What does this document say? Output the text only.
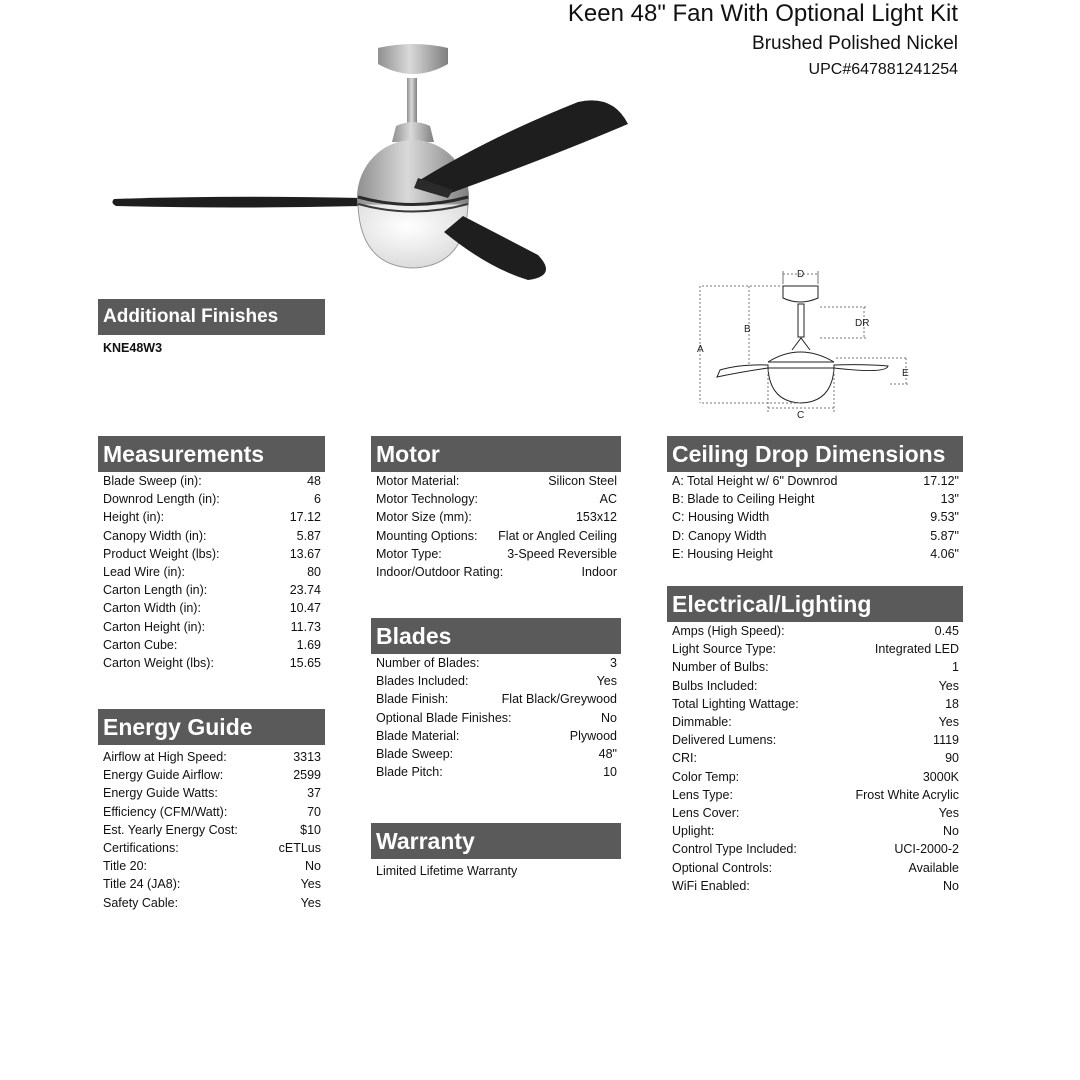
Keen 48" Fan With Optional Light Kit
Brushed Polished Nickel
UPC#647881241254
D
B
A
DR
E
C
Additional Finishes
KNE48W3
Measurements
Blade Sweep (in):	48
Downrod Length (in):	6
Height (in):	17.12
Canopy Width (in):	5.87
Product Weight (lbs):	13.67
Lead Wire (in):	80
Carton Length (in):	23.74
Carton Width (in):	10.47
Carton Height (in):	11.73
Carton Cube:	1.69
Carton Weight (lbs):	15.65
Energy Guide
Airflow at High Speed:	3313
Energy Guide Airflow:	2599
Energy Guide Watts:	37
Efficiency (CFM/Watt):	70
Est. Yearly Energy Cost:	$10
Certifications:	cETLus
Title 20:	No
Title 24 (JA8):	Yes
Safety Cable:	Yes
Motor
Motor Material:	Silicon Steel
Motor Technology:	AC
Motor Size (mm):	153x12
Mounting Options: Flat or Angled Ceiling
Motor Type:	3-Speed Reversible
Indoor/Outdoor Rating:	Indoor
Blades
Number of Blades:	3
Blades Included:	Yes
Blade Finish:	Flat Black/Greywood
Optional Blade Finishes:	No
Blade Material:	Plywood
Blade Sweep:	48"
Blade Pitch:	10
Warranty
Limited Lifetime Warranty
Ceiling Drop Dimensions
A: Total Height w/ 6" Downrod	17.12"
B: Blade to Ceiling Height	13"
C: Housing Width	9.53"
D: Canopy Width	5.87"
E: Housing Height	4.06"
Electrical/Lighting
Amps (High Speed):	0.45
Light Source Type:	Integrated LED
Number of Bulbs:	1
Bulbs Included:	Yes
Total Lighting Wattage:	18
Dimmable:	Yes
Delivered Lumens:	1119
CRI:	90
Color Temp:	3000K
Lens Type:	Frost White Acrylic
Lens Cover:	Yes
Uplight:	No
Control Type Included:	UCI-2000-2
Optional Controls:	Available
WiFi Enabled:	No
